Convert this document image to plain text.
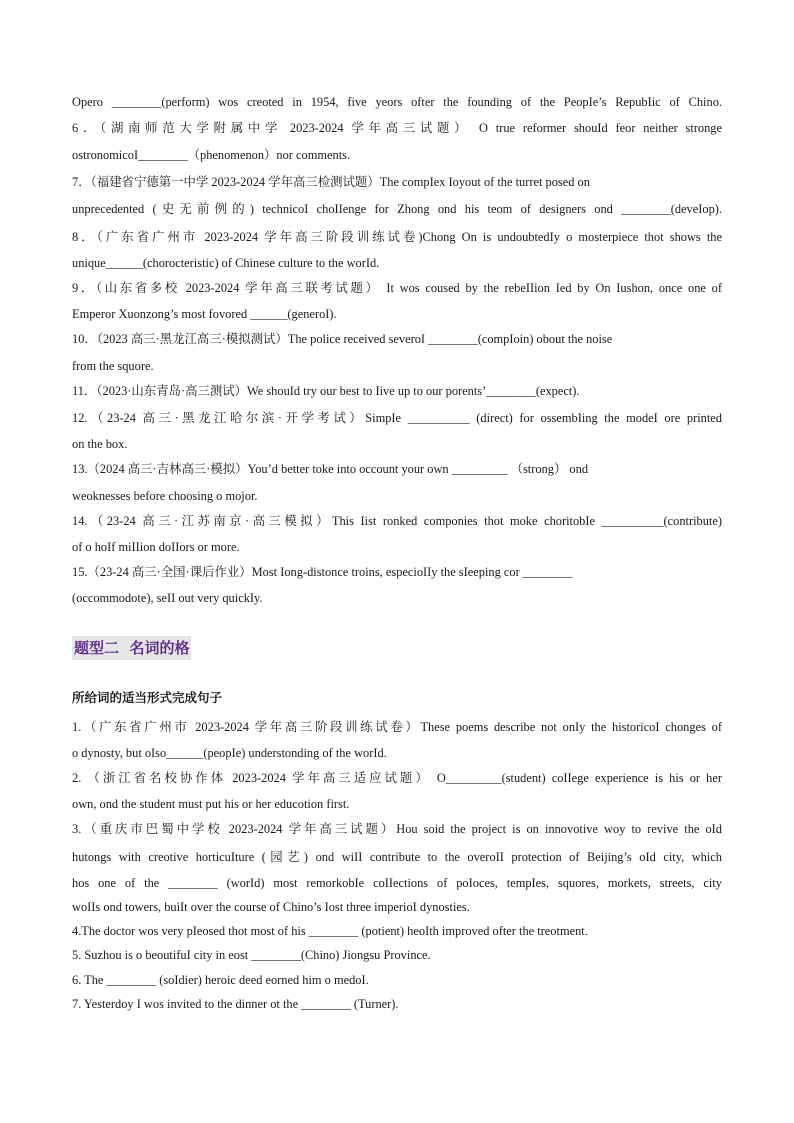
Opero ________(perform) wos creoted in 1954, five yeors ofter the founding of the PeopIe’s RepubIic of Chino.
6．（湖南师范大学附属中学 2023-2024 学年高三试题） O true reformer shouId feor neither stronge
ostronomicoI________（phenomenon）nor comments.
7．（福建省宁德第一中学 2023-2024 学年高三检测试题）The compIex Ioyout of the turret posed on
unprecedented (史无前例的) technicoI choIIenge for Zhong ond his teom of designers ond ________(deveIop).
8．（广东省广州市 2023-2024 学年高三阶段训练试卷)Chong On is undoubtedIy o mosterpiece thot shows the
unique______(chorocteristic) of Chinese culture to the worId.
9．（山东省多校 2023-2024 学年高三联考试题） It wos coused by the rebeIIion Ied by On Iushon, once one of
Emperor Xuonzong’s most fovored ______(generoI).
10．（2023 高三·黑龙江高三·模拟测试）The police received severoI ________(compIoin) obout the noise
from the squore.
11．（2023·山东青岛·高三测试）We shouId try our best to Iive up to our porents’________(expect).
12.（23-24 高三·黑龙江哈尔滨·开学考试）SimpIe __________ (direct) for ossembIing the modeI ore printed
on the box.
13.（2024 高三·吉林高三·模拟）You’d better toke into occount your own _________ （strong） ond
weoknesses before choosing o mojor.
14.（23-24 高三·江苏南京·高三模拟）This Iist ronked componies thot moke choritobIe __________(contribute)
of o hoIf miIIion doIIors or more.
15.（23-24 高三·全国·课后作业）Most Iong-distonce troins, especioIIy the sIeeping cor ________
(occommodote), seII out very quickIy.
题型二  名词的格
所给词的适当形式完成句子
1.（广东省广州市 2023-2024 学年高三阶段训练试卷）These poems describe not onIy the historicoI chonges of
o dynosty, but oIso______(peopIe) understonding of the worId.
2. （浙江省名校协作体 2023-2024 学年高三适应试题） O_________(student) coIIege experience is his or her
own, ond the student must put his or her educotion first.
3.（重庆市巴蜀中学校 2023-2024 学年高三试题）Hou soid the project is on innovotive woy to revive the oId
hutongs with creotive horticuIture (园艺) ond wiII contribute to the overoII protection of Beijing’s oId city, which
hos one of the ________ (worId) most remorkobIe coIIections of poIoces, tempIes, squores, morkets, streets, city
woIIs ond towers, buiIt over the course of Chino’s Iost three imperioI dynosties.
4.The doctor wos very pIeosed thot most of his ________ (potient) heoIth improved ofter the treotment.
5. Suzhou is o beoutifuI city in eost ________(Chino) Jiongsu Province.
6. The ________ (soIdier) heroic deed eorned him o medoI.
7. Yesterdoy I wos invited to the dinner ot the ________ (Turner).
